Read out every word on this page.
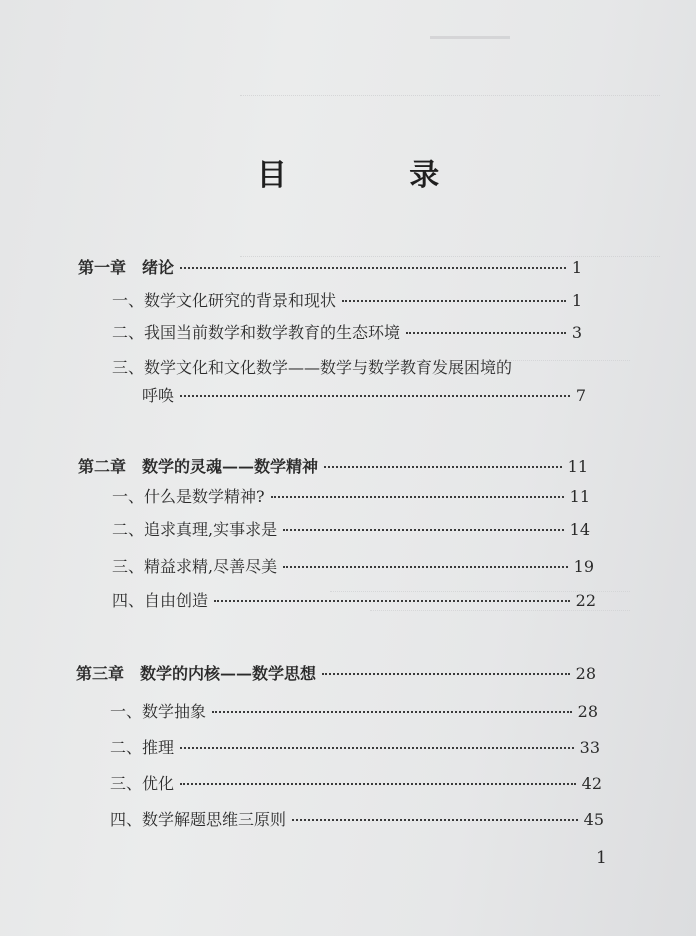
目 录
第一章　绪论	1
一、数学文化研究的背景和现状	1
二、我国当前数学和数学教育的生态环境	3
三、数学文化和文化数学——数学与数学教育发展困境的
呼唤	7
第二章　数学的灵魂——数学精神	11
一、什么是数学精神?	11
二、追求真理,实事求是	14
三、精益求精,尽善尽美	19
四、自由创造	22
第三章　数学的内核——数学思想	28
一、数学抽象	28
二、推理	33
三、优化	42
四、数学解题思维三原则	45
1
